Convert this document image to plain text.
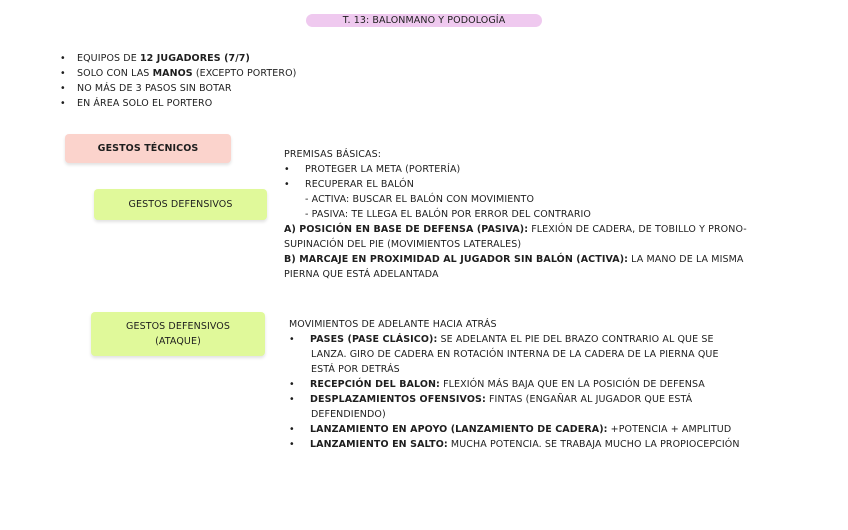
T. 13: BALONMANO Y PODOLOGÍA
• EQUIPOS DE 12 JUGADORES (7/7)
• SOLO CON LAS MANOS (EXCEPTO PORTERO)
• NO MÁS DE 3 PASOS SIN BOTAR
• EN ÁREA SOLO EL PORTERO
GESTOS TÉCNICOS
GESTOS DEFENSIVOS
GESTOS DEFENSIVOS
(ATAQUE)
PREMISAS BÁSICAS:
• PROTEGER LA META (PORTERÍA)
• RECUPERAR EL BALÓN
- ACTIVA: BUSCAR EL BALÓN CON MOVIMIENTO
- PASIVA: TE LLEGA EL BALÓN POR ERROR DEL CONTRARIO
A) POSICIÓN EN BASE DE DEFENSA (PASIVA): FLEXIÓN DE CADERA, DE TOBILLO Y PRONO-
SUPINACIÓN DEL PIE (MOVIMIENTOS LATERALES)
B) MARCAJE EN PROXIMIDAD AL JUGADOR SIN BALÓN (ACTIVA): LA MANO DE LA MISMA
PIERNA QUE ESTÁ ADELANTADA
MOVIMIENTOS DE ADELANTE HACIA ATRÁS
• PASES (PASE CLÁSICO): SE ADELANTA EL PIE DEL BRAZO CONTRARIO AL QUE SE
LANZA. GIRO DE CADERA EN ROTACIÓN INTERNA DE LA CADERA DE LA PIERNA QUE
ESTÁ POR DETRÁS
• RECEPCIÓN DEL BALON: FLEXIÓN MÁS BAJA QUE EN LA POSICIÓN DE DEFENSA
• DESPLAZAMIENTOS OFENSIVOS: FINTAS (ENGAÑAR AL JUGADOR QUE ESTÁ
DEFENDIENDO)
• LANZAMIENTO EN APOYO (LANZAMIENTO DE CADERA): +POTENCIA + AMPLITUD
• LANZAMIENTO EN SALTO: MUCHA POTENCIA. SE TRABAJA MUCHO LA PROPIOCEPCIÓN
